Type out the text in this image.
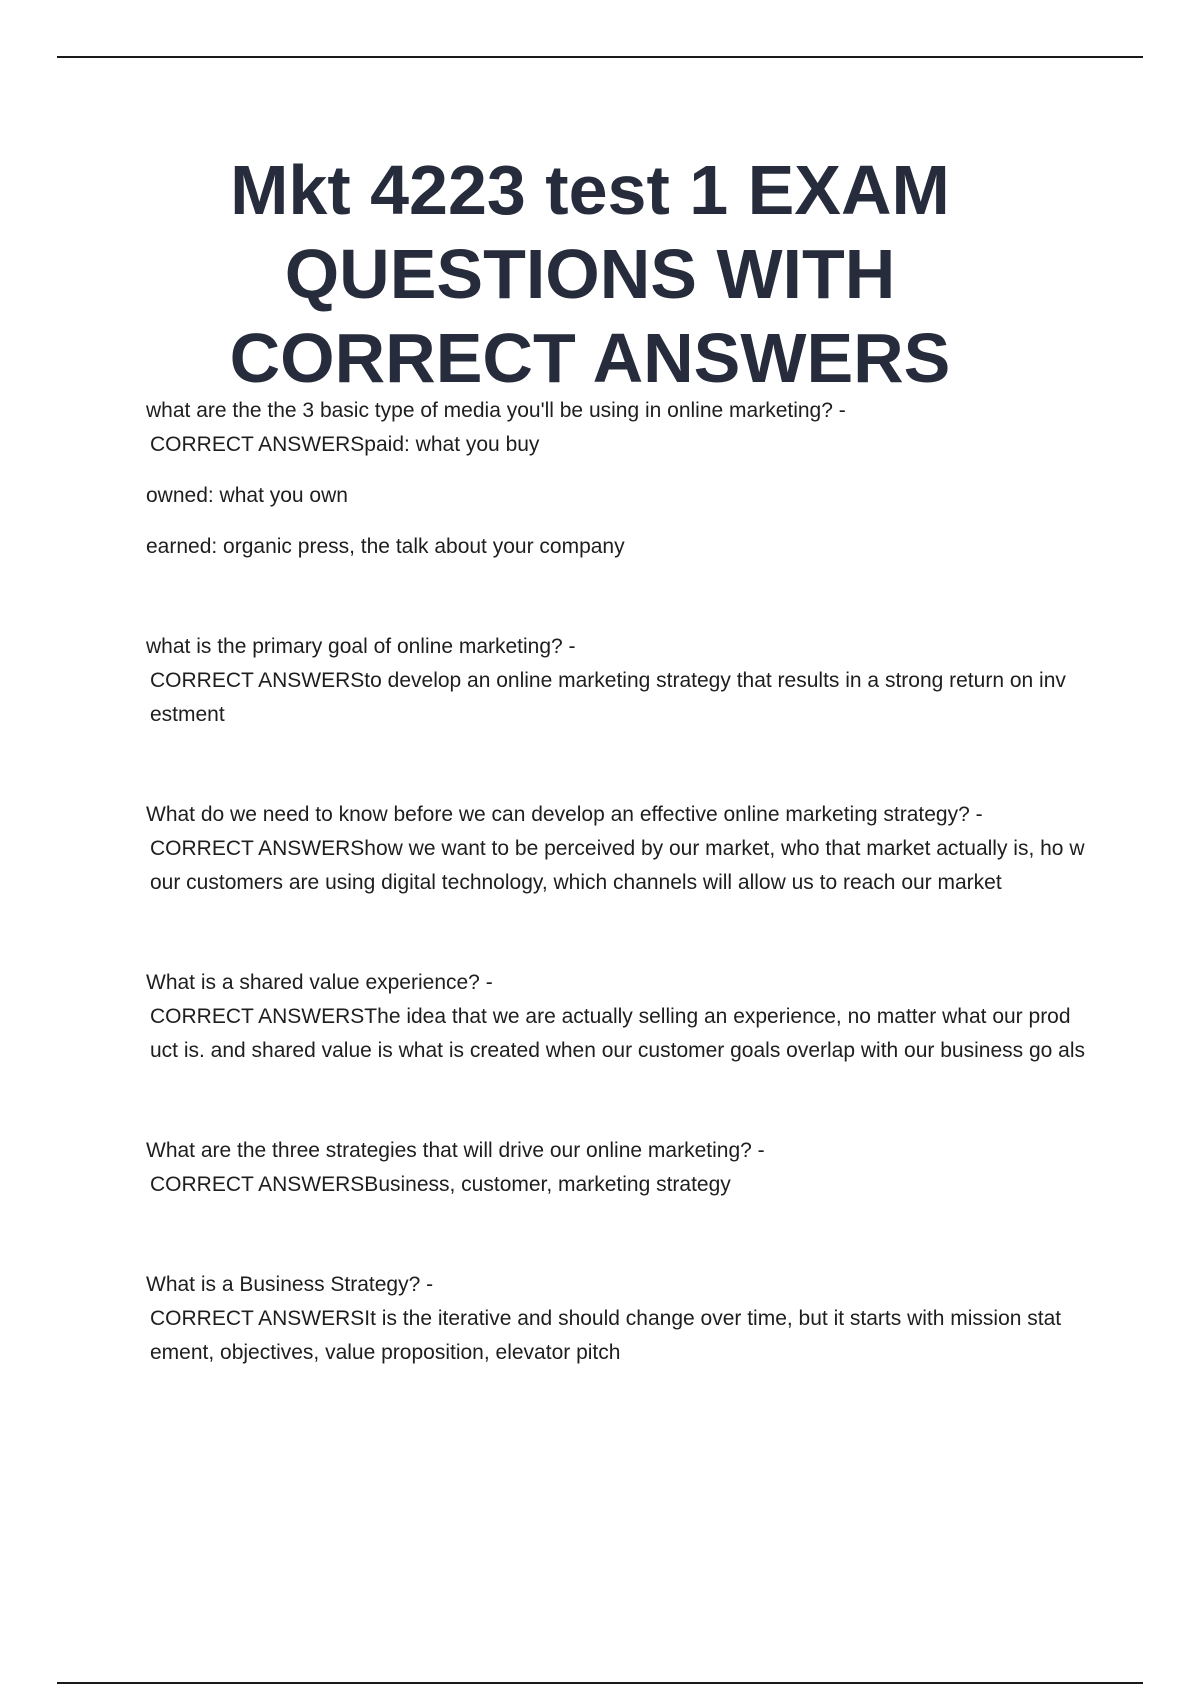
Mkt 4223 test 1 EXAM
QUESTIONS WITH
CORRECT ANSWERS
what are the the 3 basic type of media you'll be using in online marketing? -
CORRECT ANSWERSpaid: what you buy
owned: what you own
earned: organic press, the talk about your company
what is the primary goal of online marketing? -
CORRECT ANSWERSto develop an online marketing strategy that results in a strong return on inv estment
What do we need to know before we can develop an effective online marketing strategy? -
CORRECT ANSWERShow we want to be perceived by our market, who that market actually is, ho w our customers are using digital technology, which channels will allow us to reach our market
What is a shared value experience? -
CORRECT ANSWERSThe idea that we are actually selling an experience, no matter what our prod uct is. and shared value is what is created when our customer goals overlap with our business go als
What are the three strategies that will drive our online marketing? -
CORRECT ANSWERSBusiness, customer, marketing strategy
What is a Business Strategy? -
CORRECT ANSWERSIt is the iterative and should change over time, but it starts with mission stat ement, objectives, value proposition, elevator pitch
